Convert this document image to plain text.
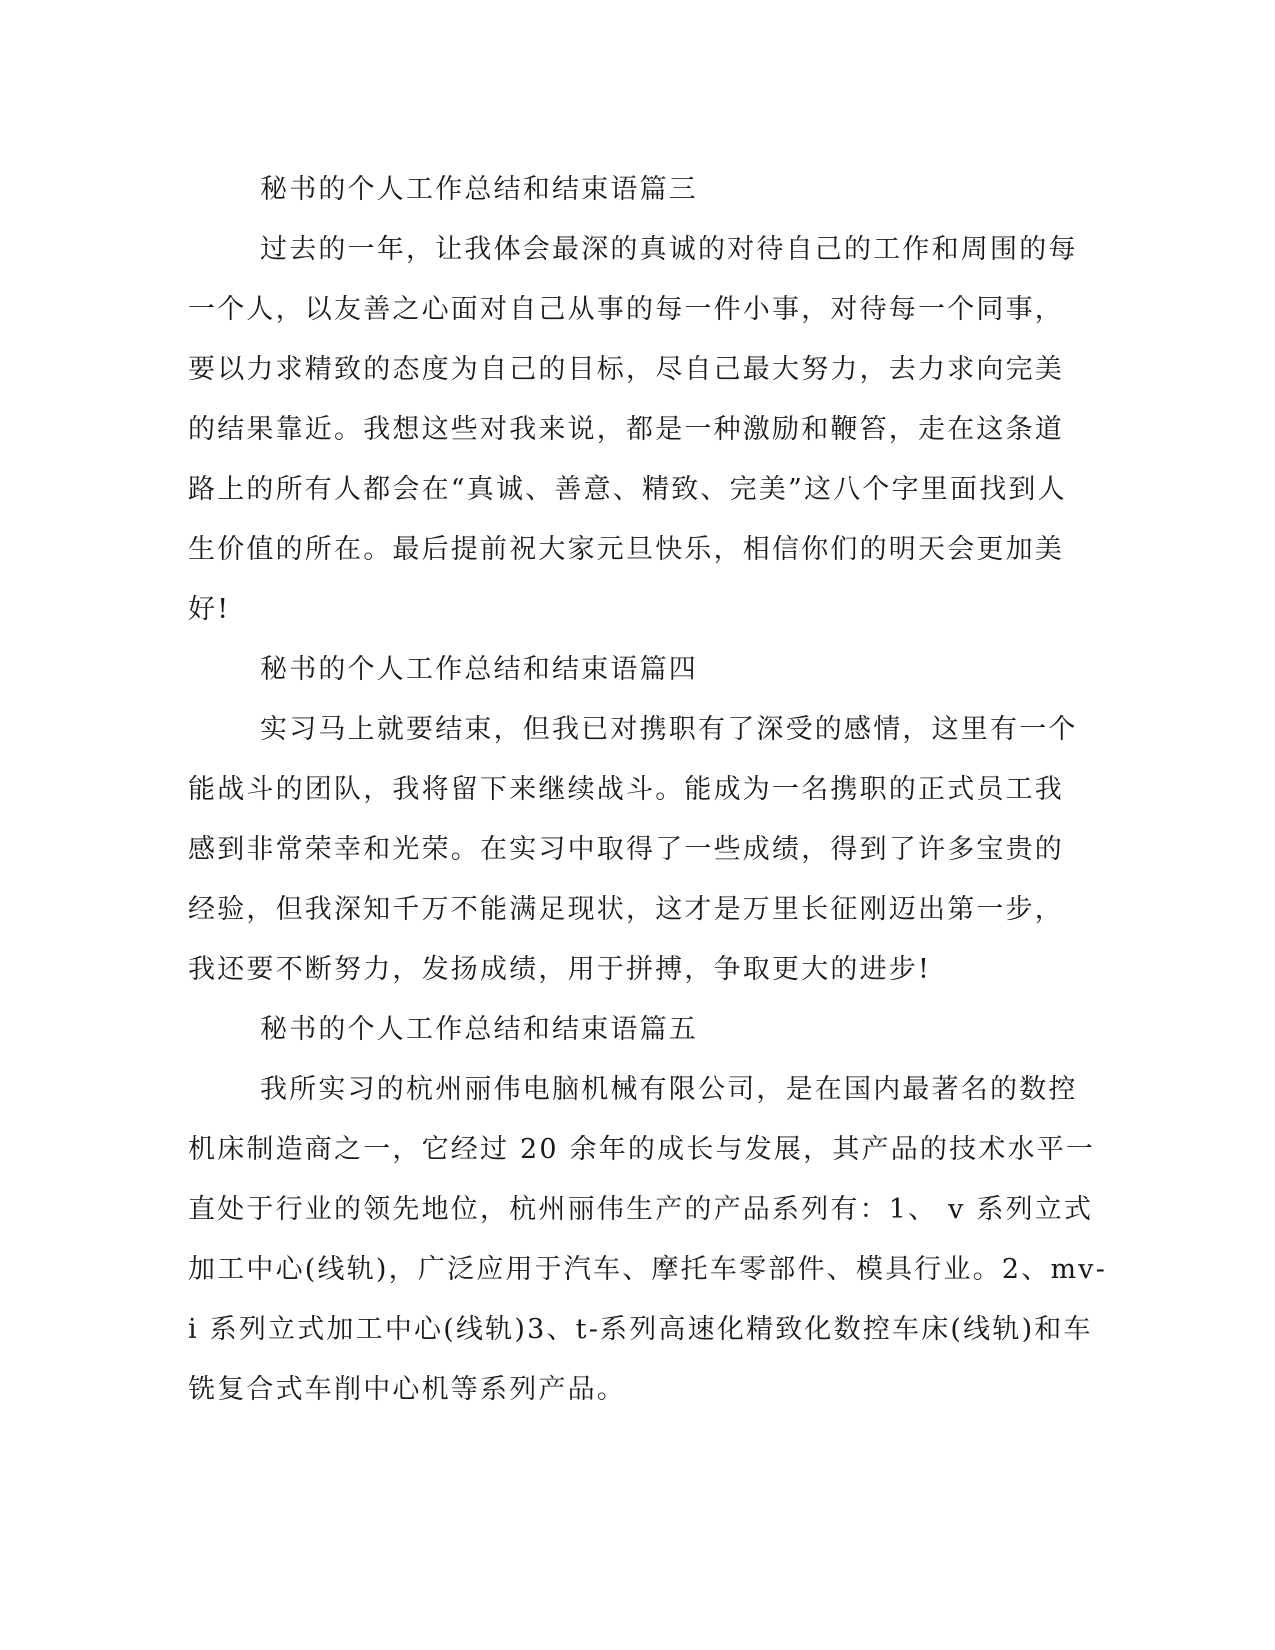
秘书的个人工作总结和结束语篇三
过去的一年，让我体会最深的真诚的对待自己的工作和周围的每
一个人，以友善之心面对自己从事的每一件小事，对待每一个同事，
要以力求精致的态度为自己的目标，尽自己最大努力，去力求向完美
的结果靠近。我想这些对我来说，都是一种激励和鞭笞，走在这条道
路上的所有人都会在“真诚、善意、精致、完美”这八个字里面找到人
生价值的所在。最后提前祝大家元旦快乐，相信你们的明天会更加美
好!
秘书的个人工作总结和结束语篇四
实习马上就要结束，但我已对携职有了深受的感情，这里有一个
能战斗的团队，我将留下来继续战斗。能成为一名携职的正式员工我
感到非常荣幸和光荣。在实习中取得了一些成绩，得到了许多宝贵的
经验，但我深知千万不能满足现状，这才是万里长征刚迈出第一步，
我还要不断努力，发扬成绩，用于拼搏，争取更大的进步!
秘书的个人工作总结和结束语篇五
我所实习的杭州丽伟电脑机械有限公司，是在国内最著名的数控
机床制造商之一，它经过 20 余年的成长与发展，其产品的技术水平一
直处于行业的领先地位，杭州丽伟生产的产品系列有：1、 v 系列立式
加工中心(线轨)，广泛应用于汽车、摩托车零部件、模具行业。2、mv-
i 系列立式加工中心(线轨)3、t-系列高速化精致化数控车床(线轨)和车
铣复合式车削中心机等系列产品。
